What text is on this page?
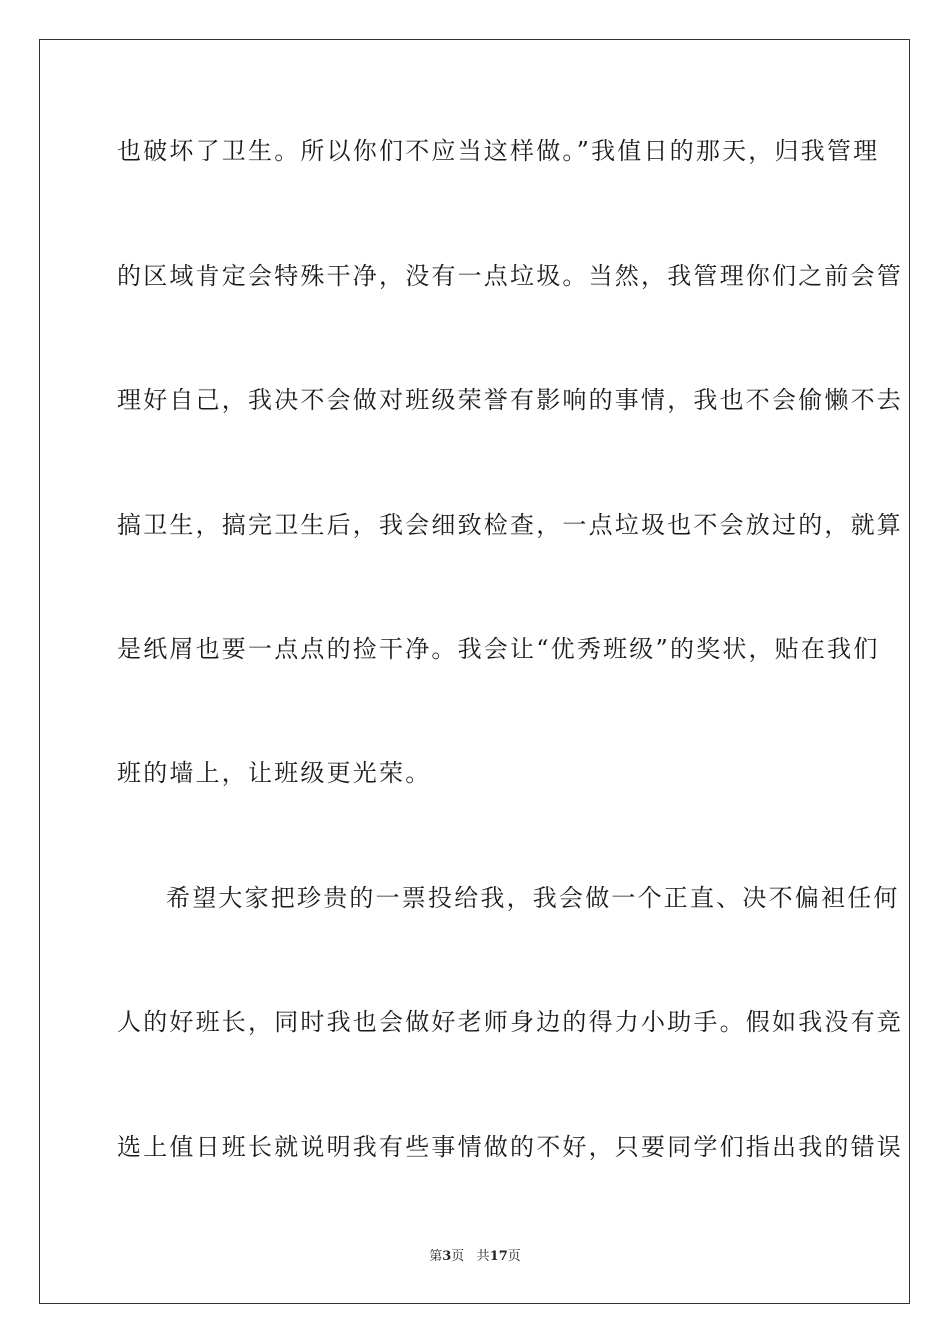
也破坏了卫生。所以你们不应当这样做。”我值日的那天，归我管理
的区域肯定会特殊干净，没有一点垃圾。当然，我管理你们之前会管
理好自己，我决不会做对班级荣誉有影响的事情，我也不会偷懒不去
搞卫生，搞完卫生后，我会细致检查，一点垃圾也不会放过的，就算
是纸屑也要一点点的捡干净。我会让“优秀班级”的奖状，贴在我们
班的墙上，让班级更光荣。
希望大家把珍贵的一票投给我，我会做一个正直、决不偏袒任何
人的好班长，同时我也会做好老师身边的得力小助手。假如我没有竞
选上值日班长就说明我有些事情做的不好，只要同学们指出我的错误
第3页 共17页
